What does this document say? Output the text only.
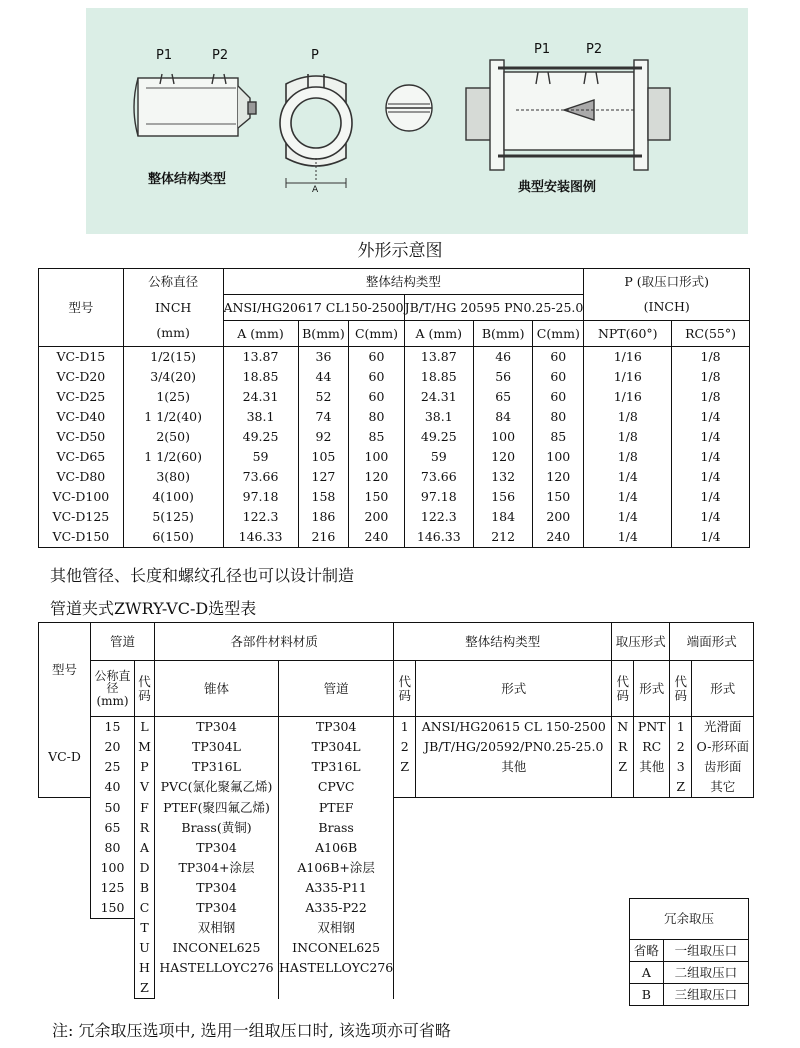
P1	P2	P	P1	P2
A
整体结构类型
典型安装图例
外形示意图
	公称直径	整体结构类型						P (取压口形式)	
型号	INCH	ANSI/HG20617 CL150-2500			JB/T/HG 20595 PN0.25-25.0			(INCH)	
	(mm)	A (mm)	B(mm)	C(mm)	A (mm)	B(mm)	C(mm)	NPT(60°)	RC(55°)
VC-D15	1/2(15)	13.87	36	60	13.87	46	60	1/16	1/8
VC-D20	3/4(20)	18.85	44	60	18.85	56	60	1/16	1/8
VC-D25	1(25)	24.31	52	60	24.31	65	60	1/16	1/8
VC-D40	1 1/2(40)	38.1	74	80	38.1	84	80	1/8	1/4
VC-D50	2(50)	49.25	92	85	49.25	100	85	1/8	1/4
VC-D65	1 1/2(60)	59	105	100	59	120	100	1/8	1/4
VC-D80	3(80)	73.66	127	120	73.66	132	120	1/4	1/4
VC-D100	4(100)	97.18	158	150	97.18	156	150	1/4	1/4
VC-D125	5(125)	122.3	186	200	122.3	184	200	1/4	1/4
VC-D150	6(150)	146.33	216	240	146.33	212	240	1/4	1/4
其他管径、长度和螺纹孔径也可以设计制造
管道夹式ZWRY-VC-D选型表
型号	管道		各部件材料材质		整体结构类型		取压形式		端面形式	
	公称直径(mm)	代码	锥体	管道	代码	形式	代码	形式	代码	形式
VC-D	15	L	TP304	TP304	1	ANSI/HG20615 CL 150-2500	N	PNT	1	光滑面
	20	M	TP304L	TP304L	2	JB/T/HG/20592/PN0.25-25.0	R	RC	2	O-形环面
	25	P	TP316L	TP316L	Z	其他	Z	其他	3	齿形面
	40	V	PVC(氯化聚氟乙烯)	CPVC					Z	其它
	50	F	PTEF(聚四氟乙烯)	PTEF						
	65	R	Brass(黄铜)	Brass						
	80	A	TP304	A106B						
	100	D	TP304+涂层	A106B+涂层						
	125	B	TP304	A335-P11						
	150	C	TP304	A335-P22						
		T	双相钢	双相钢						
		U	INCONEL625	INCONEL625						
		H	HASTELLOYC276	HASTELLOYC276						
		Z								
冗余取压	
省略	一组取压口
A	二组取压口
B	三组取压口
注: 冗余取压选项中, 选用一组取压口时, 该选项亦可省略
